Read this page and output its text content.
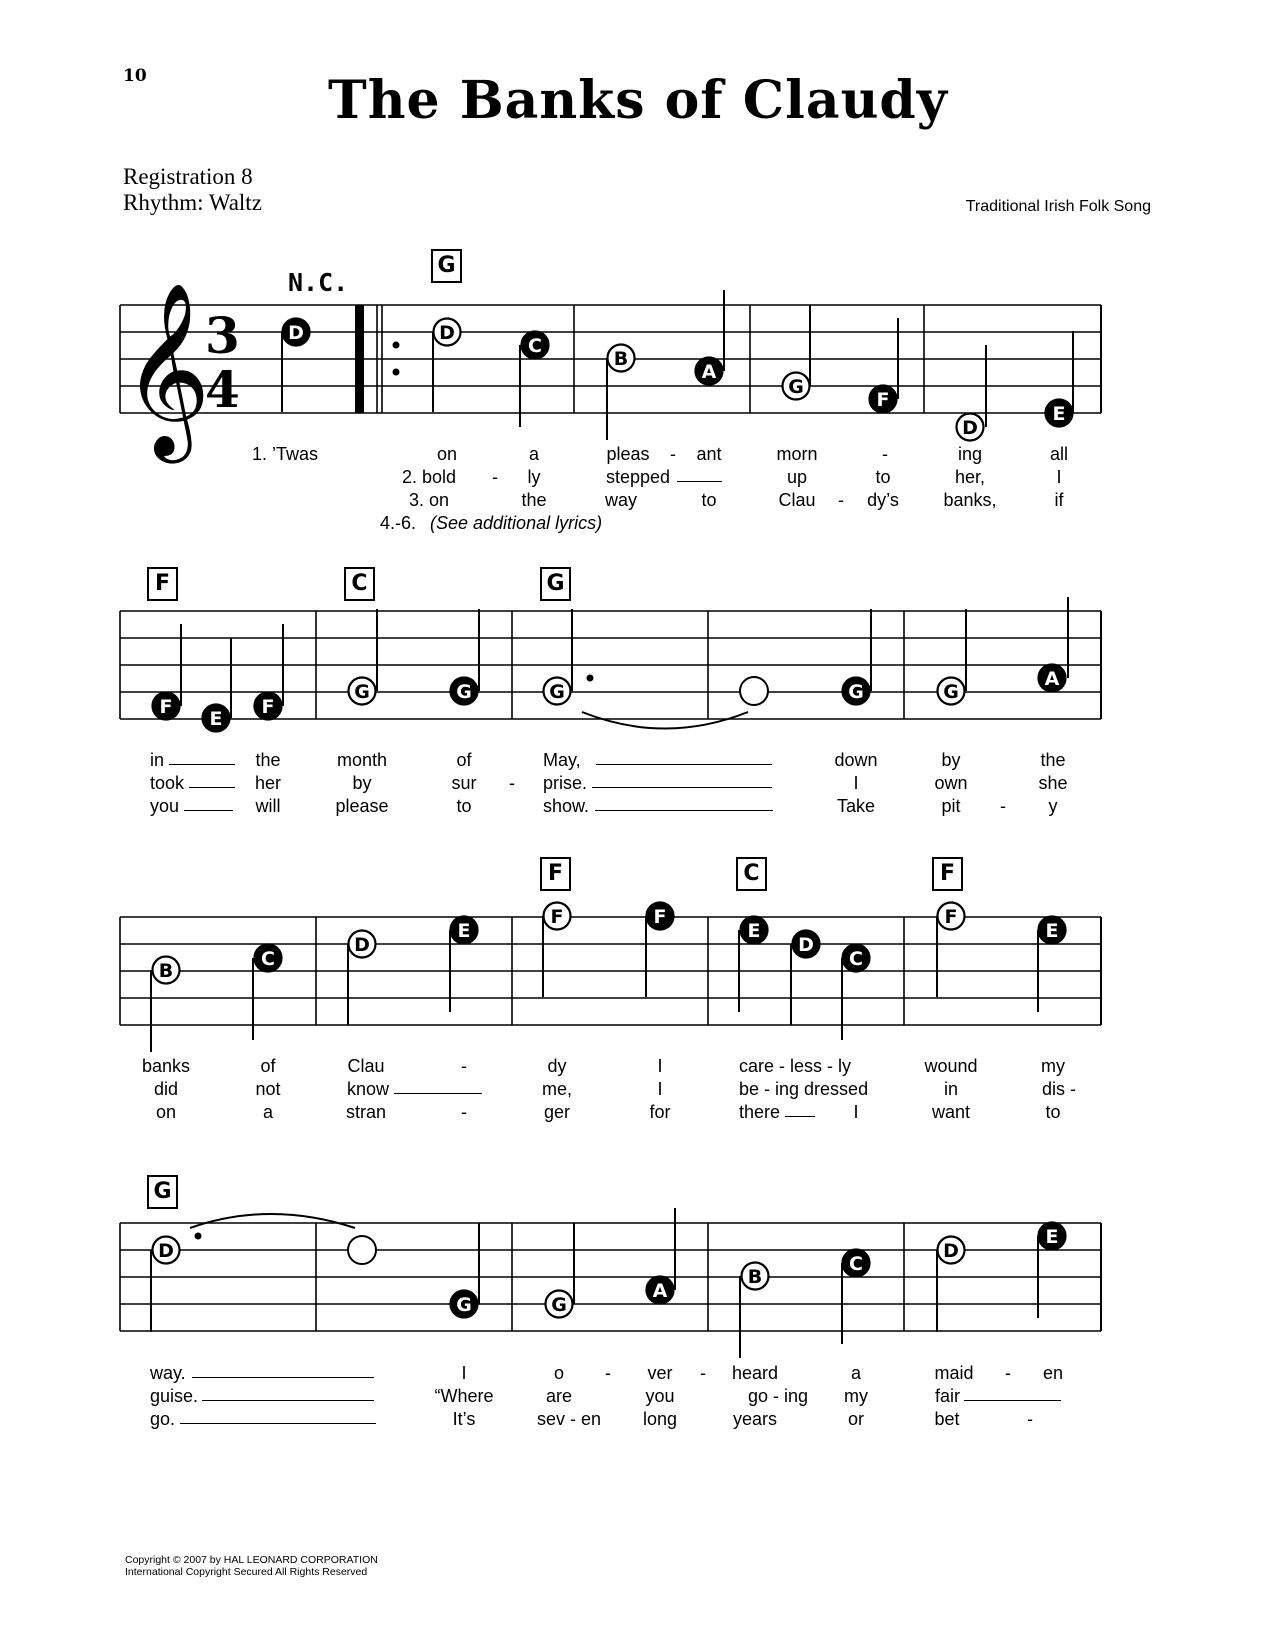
10	The Banks of Claudy
Registration 8
Rhythm: Waltz	Traditional Irish Folk Song
N.C.
G
F	C	G
F	C	F
G
𝄞
3
4
D	D
C
B
A
G
F
D
E
F
E
F
G	G	G	G	G
A
B
C
D
E
F	F
E
D
C
F
E
D
G	G
A
B
C
D
E
1. ’Twas	on	a	pleas - ant	morn	-	ing	all
2. bold - ly	stepped	up	to	her,	I
3. on	the	way	to	Clau - dy’s banks,	if
4.-6. (See additional lyrics)
in	the	month	of	May,	down	by	the
took	her	by	sur - prise.	I	own	she
you	will	please	to	show.	Take	pit - y
banks	of	Clau	-	dy	I	care - less - ly	wound	my
did	not	know	me,	I	be - ing dressed	in	dis -
on	a	stran	-	ger	for	there	I	want	to
way.	I	o - ver - heard	a	maid - en
guise.	“Where	are	you	go - ing my	fair
go.	It’s	sev - en long	years	or	bet	-
Copyright © 2007 by HAL LEONARD CORPORATION
International Copyright Secured All Rights Reserved
